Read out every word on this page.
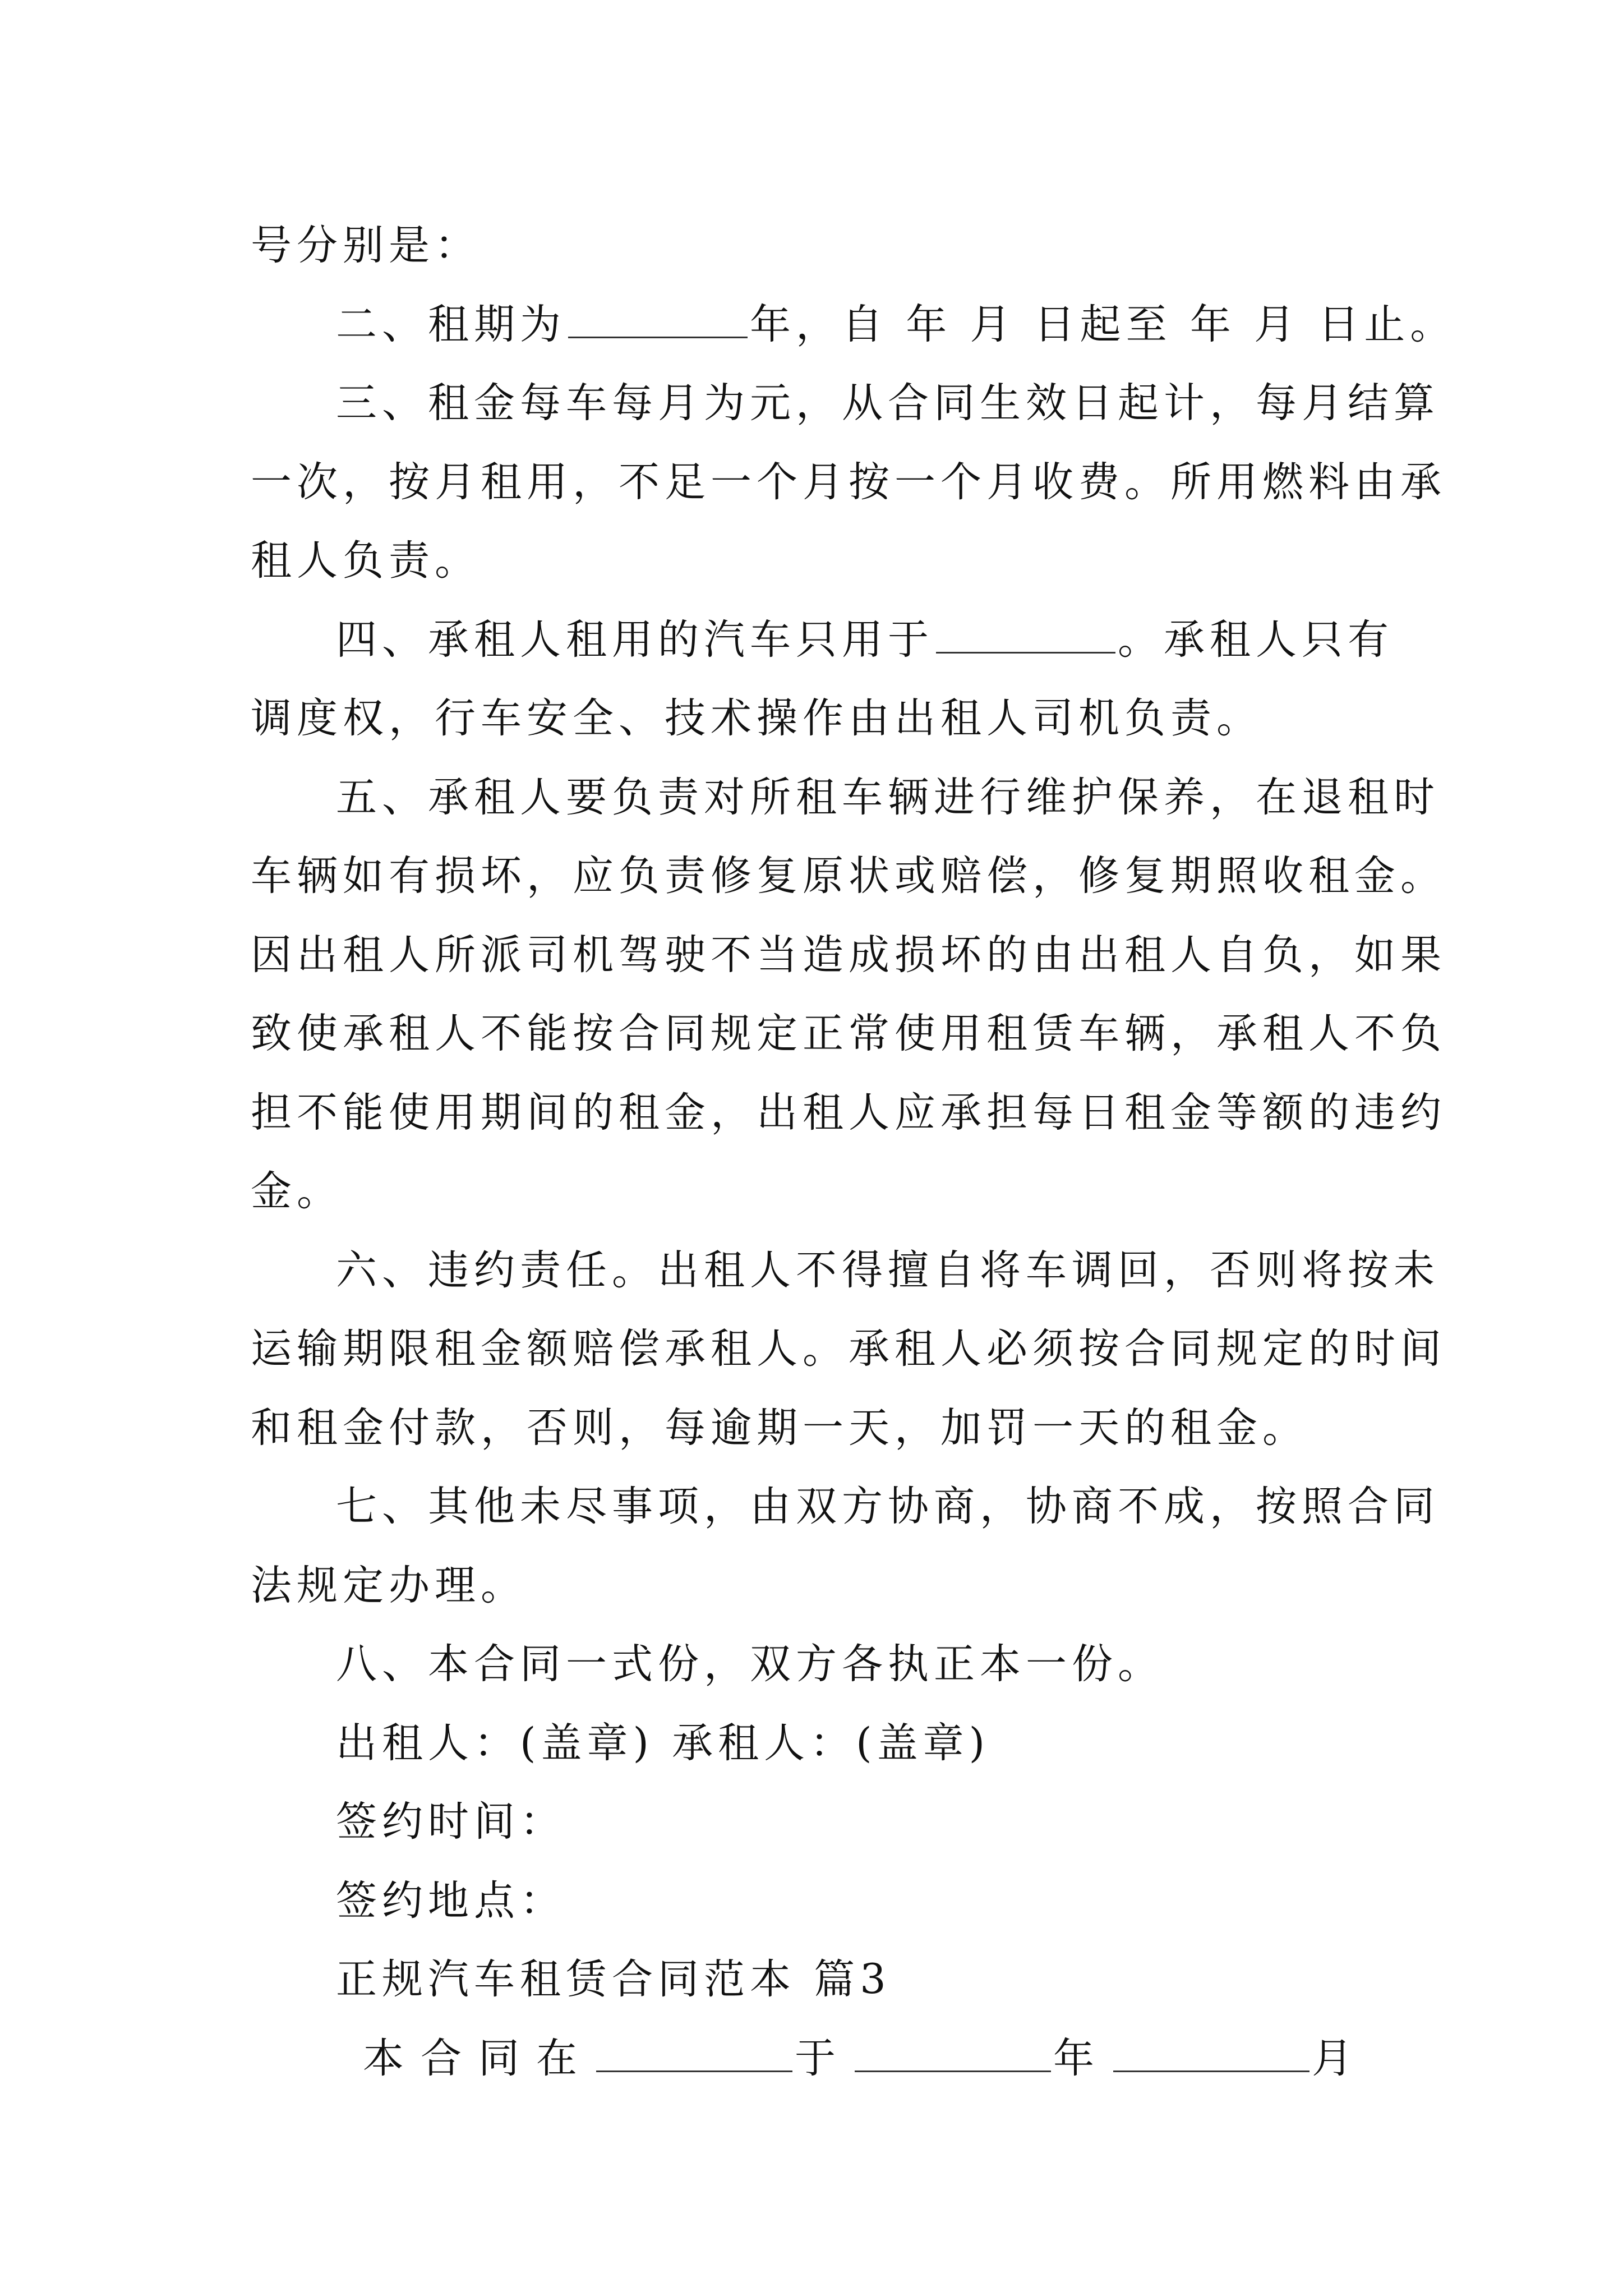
号分别是：
二、租期为	年，自 年 月 日起至 年 月 日止。
三、租金每车每月为元，从合同生效日起计，每月结算
一次，按月租用，不足一个月按一个月收费。所用燃料由承
租人负责。
四、承租人租用的汽车只用于	。承租人只有
调度权，行车安全、技术操作由出租人司机负责。
五、承租人要负责对所租车辆进行维护保养，在退租时
车辆如有损坏，应负责修复原状或赔偿，修复期照收租金。
因出租人所派司机驾驶不当造成损坏的由出租人自负，如果
致使承租人不能按合同规定正常使用租赁车辆，承租人不负
担不能使用期间的租金，出租人应承担每日租金等额的违约
金。
六、违约责任。出租人不得擅自将车调回，否则将按未
运输期限租金额赔偿承租人。承租人必须按合同规定的时间
和租金付款，否则，每逾期一天，加罚一天的租金。
七、其他未尽事项，由双方协商，协商不成，按照合同
法规定办理。
八、本合同一式份，双方各执正本一份。
出租人：(盖章) 承租人：(盖章)
签约时间：
签约地点：
正规汽车租赁合同范本 篇3
本合同在	于	年	月
